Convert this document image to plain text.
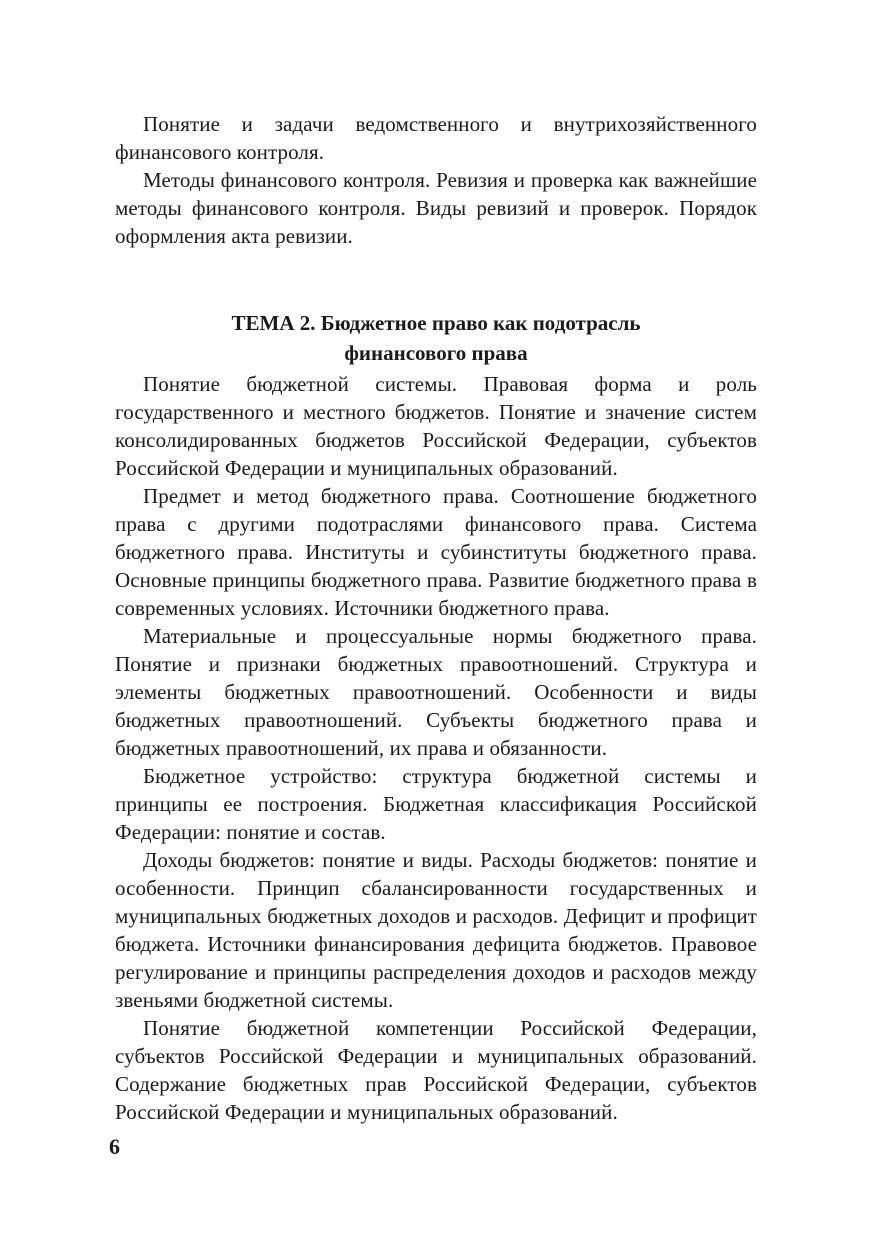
Понятие и задачи ведомственного и внутрихозяйственного финансового контроля.

Методы финансового контроля. Ревизия и проверка как важнейшие методы финансового контроля. Виды ревизий и проверок. Порядок оформления акта ревизии.

ТЕМА 2. Бюджетное право как подотрасль
финансового права

Понятие бюджетной системы. Правовая форма и роль государственного и местного бюджетов. Понятие и значение систем консолидированных бюджетов Российской Федерации, субъектов Российской Федерации и муниципальных образований.

Предмет и метод бюджетного права. Соотношение бюджетного права с другими подотраслями финансового права. Система бюджетного права. Институты и субинституты бюджетного права. Основные принципы бюджетного права. Развитие бюджетного права в современных условиях. Источники бюджетного права.

Материальные и процессуальные нормы бюджетного права. Понятие и признаки бюджетных правоотношений. Структура и элементы бюджетных правоотношений. Особенности и виды бюджетных правоотношений. Субъекты бюджетного права и бюджетных правоотношений, их права и обязанности.

Бюджетное устройство: структура бюджетной системы и принципы ее построения. Бюджетная классификация Российской Федерации: понятие и состав.

Доходы бюджетов: понятие и виды. Расходы бюджетов: понятие и особенности. Принцип сбалансированности государственных и муниципальных бюджетных доходов и расходов. Дефицит и профицит бюджета. Источники финансирования дефицита бюджетов. Правовое регулирование и принципы распределения доходов и расходов между звеньями бюджетной системы.

Понятие бюджетной компетенции Российской Федерации, субъектов Российской Федерации и муниципальных образований. Содержание бюджетных прав Российской Федерации, субъектов Российской Федерации и муниципальных образований.

6
